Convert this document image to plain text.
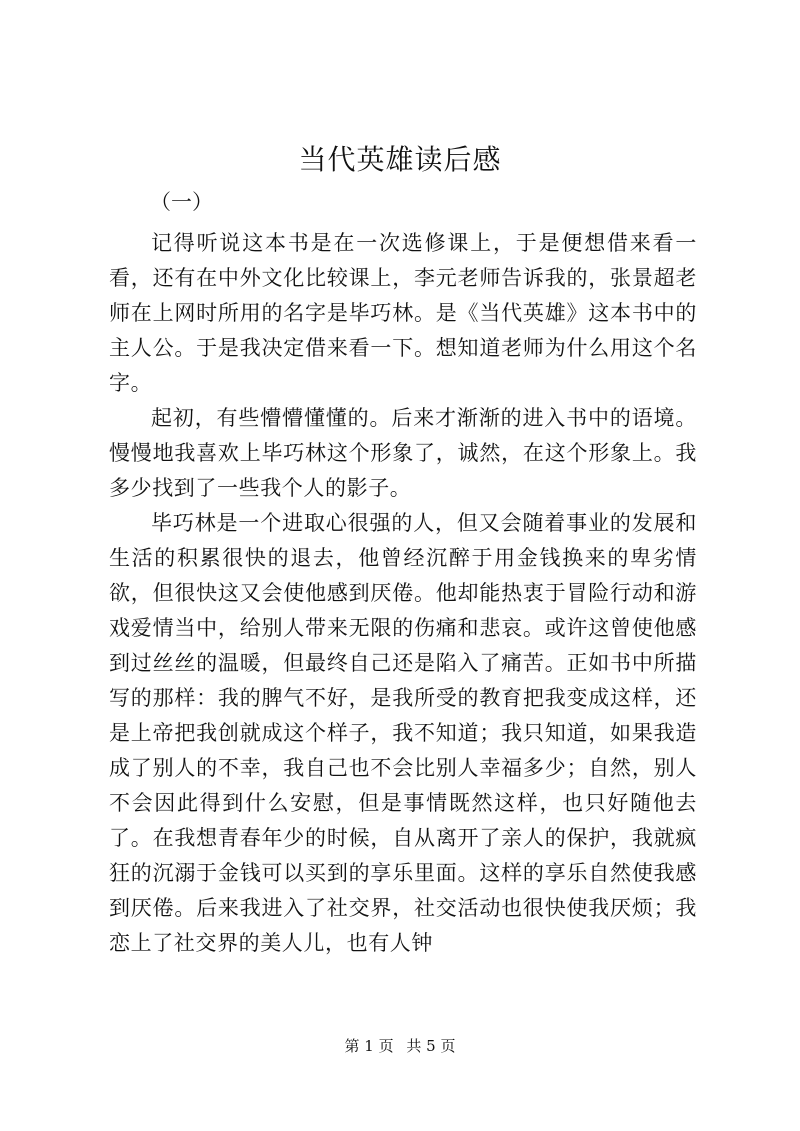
当代英雄读后感
（一）

记得听说这本书是在一次选修课上，于是便想借来看一看，还有在中外文化比较课上，李元老师告诉我的，张景超老师在上网时所用的名字是毕巧林。是《当代英雄》这本书中的主人公。于是我决定借来看一下。想知道老师为什么用这个名字。

起初，有些懵懵懂懂的。后来才渐渐的进入书中的语境。慢慢地我喜欢上毕巧林这个形象了，诚然，在这个形象上。我多少找到了一些我个人的影子。

毕巧林是一个进取心很强的人，但又会随着事业的发展和生活的积累很快的退去，他曾经沉醉于用金钱换来的卑劣情欲，但很快这又会使他感到厌倦。他却能热衷于冒险行动和游戏爱情当中，给别人带来无限的伤痛和悲哀。或许这曾使他感到过丝丝的温暖，但最终自己还是陷入了痛苦。正如书中所描写的那样：我的脾气不好，是我所受的教育把我变成这样，还是上帝把我创就成这个样子，我不知道；我只知道，如果我造成了别人的不幸，我自己也不会比别人幸福多少；自然，别人不会因此得到什么安慰，但是事情既然这样，也只好随他去了。在我想青春年少的时候，自从离开了亲人的保护，我就疯狂的沉溺于金钱可以买到的享乐里面。这样的享乐自然使我感到厌倦。后来我进入了社交界，社交活动也很快使我厌烦；我恋上了社交界的美人儿，也有人钟

第 1 页 共 5 页
